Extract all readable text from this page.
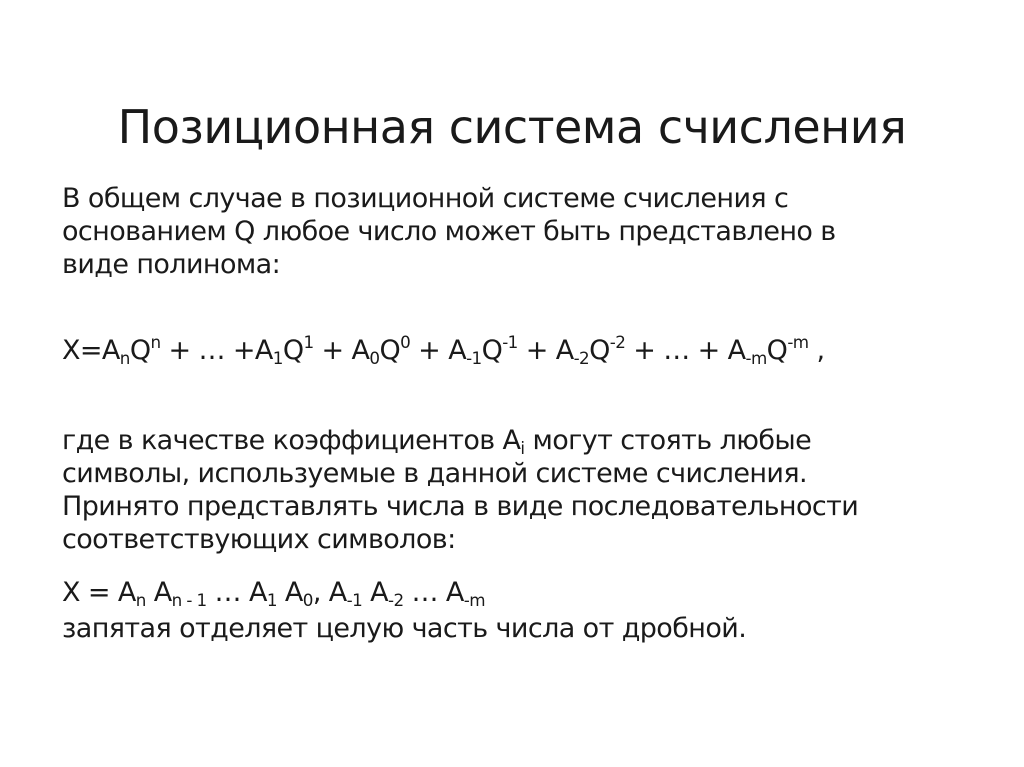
Позиционная система счисления

В общем случае в позиционной системе счисления с

основанием Q любое число может быть представлено в

виде полинома:

$X=A_nQ^n$ + … $+A_1Q^1 + A_0Q^0 + A_{-1}Q^{-1} + A_{-2}Q^{-2}$ + … + $A_{-m}Q^{-m}$ ,

где в качестве коэффициентов $A_i$ могут стоять любые

символы, используемые в данной системе счисления.

Принято представлять числа в виде последовательности

соответствующих символов:

$X = A_n$ $A_{n - 1}$ … $A_1$ $A_0$, $A_{-1}$ $A_{-2}$ … $A_{-m}$
запятая отделяет целую часть числа от дробной.
